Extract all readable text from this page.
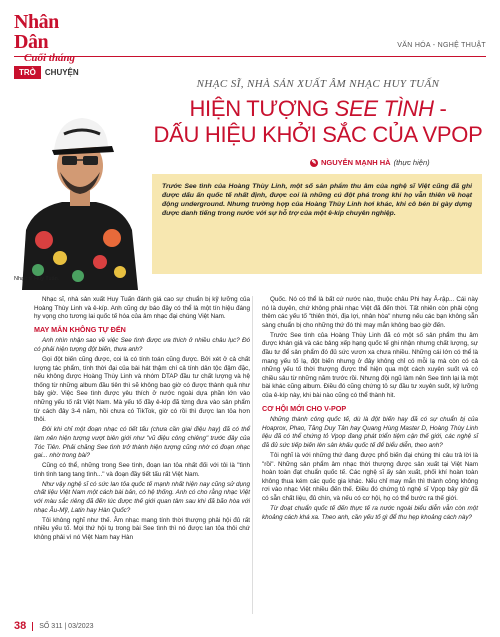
Nhân Dân
Cuối tháng
VĂN HÓA - NGHỆ THUẬT
TRÒ	CHUYỆN
Nhạc sĩ Huy Tuấn.
NHẠC SĨ, NHÀ SẢN XUẤT ÂM NHẠC HUY TUẤN
HIỆN TƯỢNG SEE TÌNH -
DẤU HIỆU KHỞI SẮC CỦA VPOP
✎ NGUYỄN MẠNH HÀ (thực hiện)
Trước See tình của Hoàng Thùy Linh, một số sản phẩm thu âm của nghệ sĩ Việt cũng đã ghi được dấu ấn quốc tế nhất định, được coi là những cú đột phá trong khi họ vẫn thiên về hoạt động underground. Nhưng trường hợp của Hoàng Thùy Linh hơi khác, khi cô bén bi gày dựng được danh tiếng trong nước với sự hỗ trợ của một ê-kíp chuyên nghiệp.

Nhạc sĩ, nhà sản xuất Huy Tuấn đánh giá cao sự chuẩn bị kỹ lưỡng của Hoàng Thùy Linh và ê-kíp. Anh cũng dự báo đây có thể là một tín hiệu đáng hy vọng cho tương lai quốc tế hóa của âm nhạc đại chúng Việt Nam.

MAY MẮN KHÔNG TỰ ĐẾN

Anh nhìn nhận sao về việc See tình được ưa thích ở nhiều châu lục? Đó có phải hiện tượng đột biến, thưa anh?

Gọi đột biến cũng được, coi là có tính toán cũng được. Bởi xét ở cả chất lượng tác phẩm, tính thời đại của bài hát thậm chí cả tính dân tộc đậm đặc, nếu không được Hoàng Thùy Linh và nhóm DTAP đầu tư chất lượng và hệ thống từ những album đầu tiên thì sẽ không bao giờ có được thành quả như bây giờ. Việc See tình được yêu thích ở nước ngoài dựa phần lớn vào những yếu tố rất Việt Nam. Mà yếu tố đầy ê-kíp đã từng đưa vào sản phẩm từ cách đây 3-4 năm, hồi chưa có TikTok, giờ có rồi thì được lan tỏa hơn thôi.

Đôi khi chỉ một đoạn nhạc có tiết tấu (chưa cần giai điệu hay) đã có thể làm nên hiện tượng vượt biên giới như "vũ điệu công chiêng" trước đây của Tóc Tiên. Phải chăng See tình trở thành hiện tượng cũng nhờ có đoạn nhạc gai... nhờ trong bài?

Cũng có thể, những trong See tình, đoạn lan tỏa nhất đối với tôi là "tình tình tình tang tang tình..." và đoạn đầy tiết tấu rất Việt Nam.

Như vậy nghệ sĩ có sức lan tỏa quốc tế mạnh nhất hiện nay cũng sử dụng chất liệu Việt Nam một cách bài bản, có hệ thống. Anh có cho rằng nhạc Việt với màu sắc riêng đã đến lúc được thế giới quan tâm sau khi đã bão hòa với nhạc Âu-Mỹ, Latin hay Hàn Quốc?

Tôi không nghĩ như thế. Âm nhạc mang tính thời thượng phải hội đủ rất nhiều yếu tố. Mọi thứ hội tụ trong bài See tình thì nó được lan tỏa thôi chứ không phải vì nó Việt Nam hay Hàn

Quốc. Nó có thể là bất cứ nước nào, thuộc châu Phi hay Ả-rập... Cái này nó là duyên, chứ không phải nhạc Việt đã đến thời. Tất nhiên còn phải cộng thêm các yếu tố "thiên thời, địa lợi, nhân hòa" nhưng nếu các bạn không sẵn sàng chuẩn bị cho những thứ đó thì may mắn không bao giờ đến.

Trước See tình của Hoàng Thùy Linh đã có một số sản phẩm thu âm được khán giả và các bảng xếp hạng quốc tế ghi nhận nhưng chất lượng, sự đầu tư để sản phẩm đó đủ sức vươn xa chưa nhiều. Những cái lớn có thể là mang yếu tố lạ, đột biến nhưng ở đây không chỉ có mỗi lạ mà còn có cả những yếu tố thời thượng được thể hiện qua một cách xuyên suốt và có chiều sâu từ những năm trước rồi. Nhưng đội ngũ làm nên See tình lại là một bài khác cũng album. Điều đó cũng chứng tỏ sự đầu tư xuyên suốt, kỹ lưỡng của ê-kíp này, khi bài nào cũng có thể thành hit.

CƠ HỘI MỚI CHO V-POP

Những thành công quốc tế, dù là đột biến hay đã có sự chuẩn bị của Hoaprox, Phao, Tăng Duy Tân hay Quang Hùng Master D, Hoàng Thùy Linh liệu đã có thể chứng tỏ Vpop đang phát triển tiệm cận thế giới, các nghệ sĩ đã đủ sức tiếp biến lên sân khấu quốc tế để biểu diễn, theo anh?

Tôi nghĩ là với những thứ đang được phổ biến đại chúng thì câu trả lời là "rồi". Những sản phẩm âm nhạc thời thượng được sản xuất tại Việt Nam hoàn toàn đạt chuẩn quốc tế. Các nghệ sĩ ấy sản xuất, phối khí hoàn toàn không thua kém các quốc gia khác. Nếu chỉ may mắn thì thành công không rơi vào nhạc Việt nhiều đến thế. Điều đó chứng tỏ nghệ sĩ Vpop bây giờ đã có sẵn chất liệu, đủ chín, và nếu có cơ hội, họ có thể bước ra thế giới.

Từ đoạt chuẩn quốc tế đến thực tế ra nước ngoài biểu diễn vẫn còn một khoảng cách khá xa. Theo anh, cần yếu tố gì để thu hẹp khoảng cách này?

38 SỐ 311 | 03/2023
